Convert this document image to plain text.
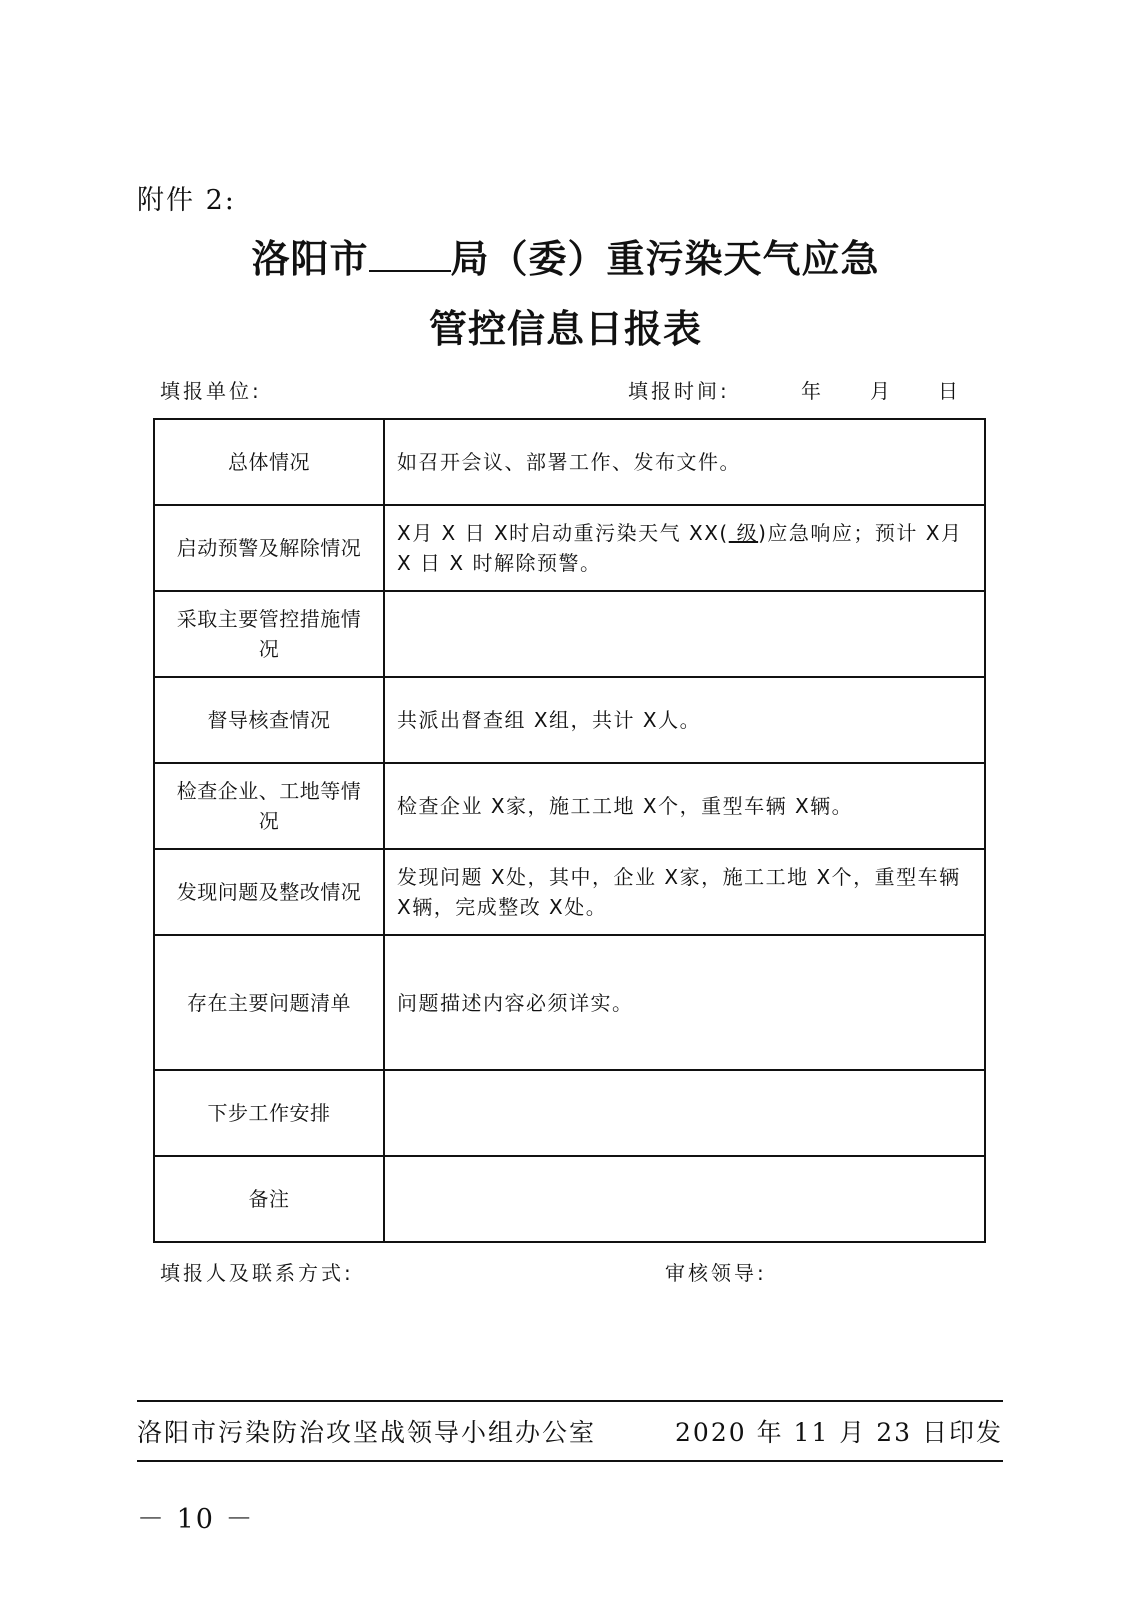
附件 2:
洛阳市 局（委）重污染天气应急
管控信息日报表
填报单位:	填报时间:	年 月 日
总体情况	如召开会议、部署工作、发布文件。
启动预警及解除情况	X月 X 日 X时启动重污染天气 XX( 级)应急响应；预计 X月 X 日 X 时解除预警。
采取主要管控措施情况	
督导核查情况	共派出督查组 X组，共计 X人。
检查企业、工地等情况	检查企业 X家，施工工地 X个，重型车辆 X辆。
发现问题及整改情况	发现问题 X处，其中，企业 X家，施工工地 X个，重型车辆 X辆，完成整改 X处。
存在主要问题清单	问题描述内容必须详实。
下步工作安排	
备注	
填报人及联系方式:	审核领导:
洛阳市污染防治攻坚战领导小组办公室	2020 年 11 月 23 日印发
－ 10 －
